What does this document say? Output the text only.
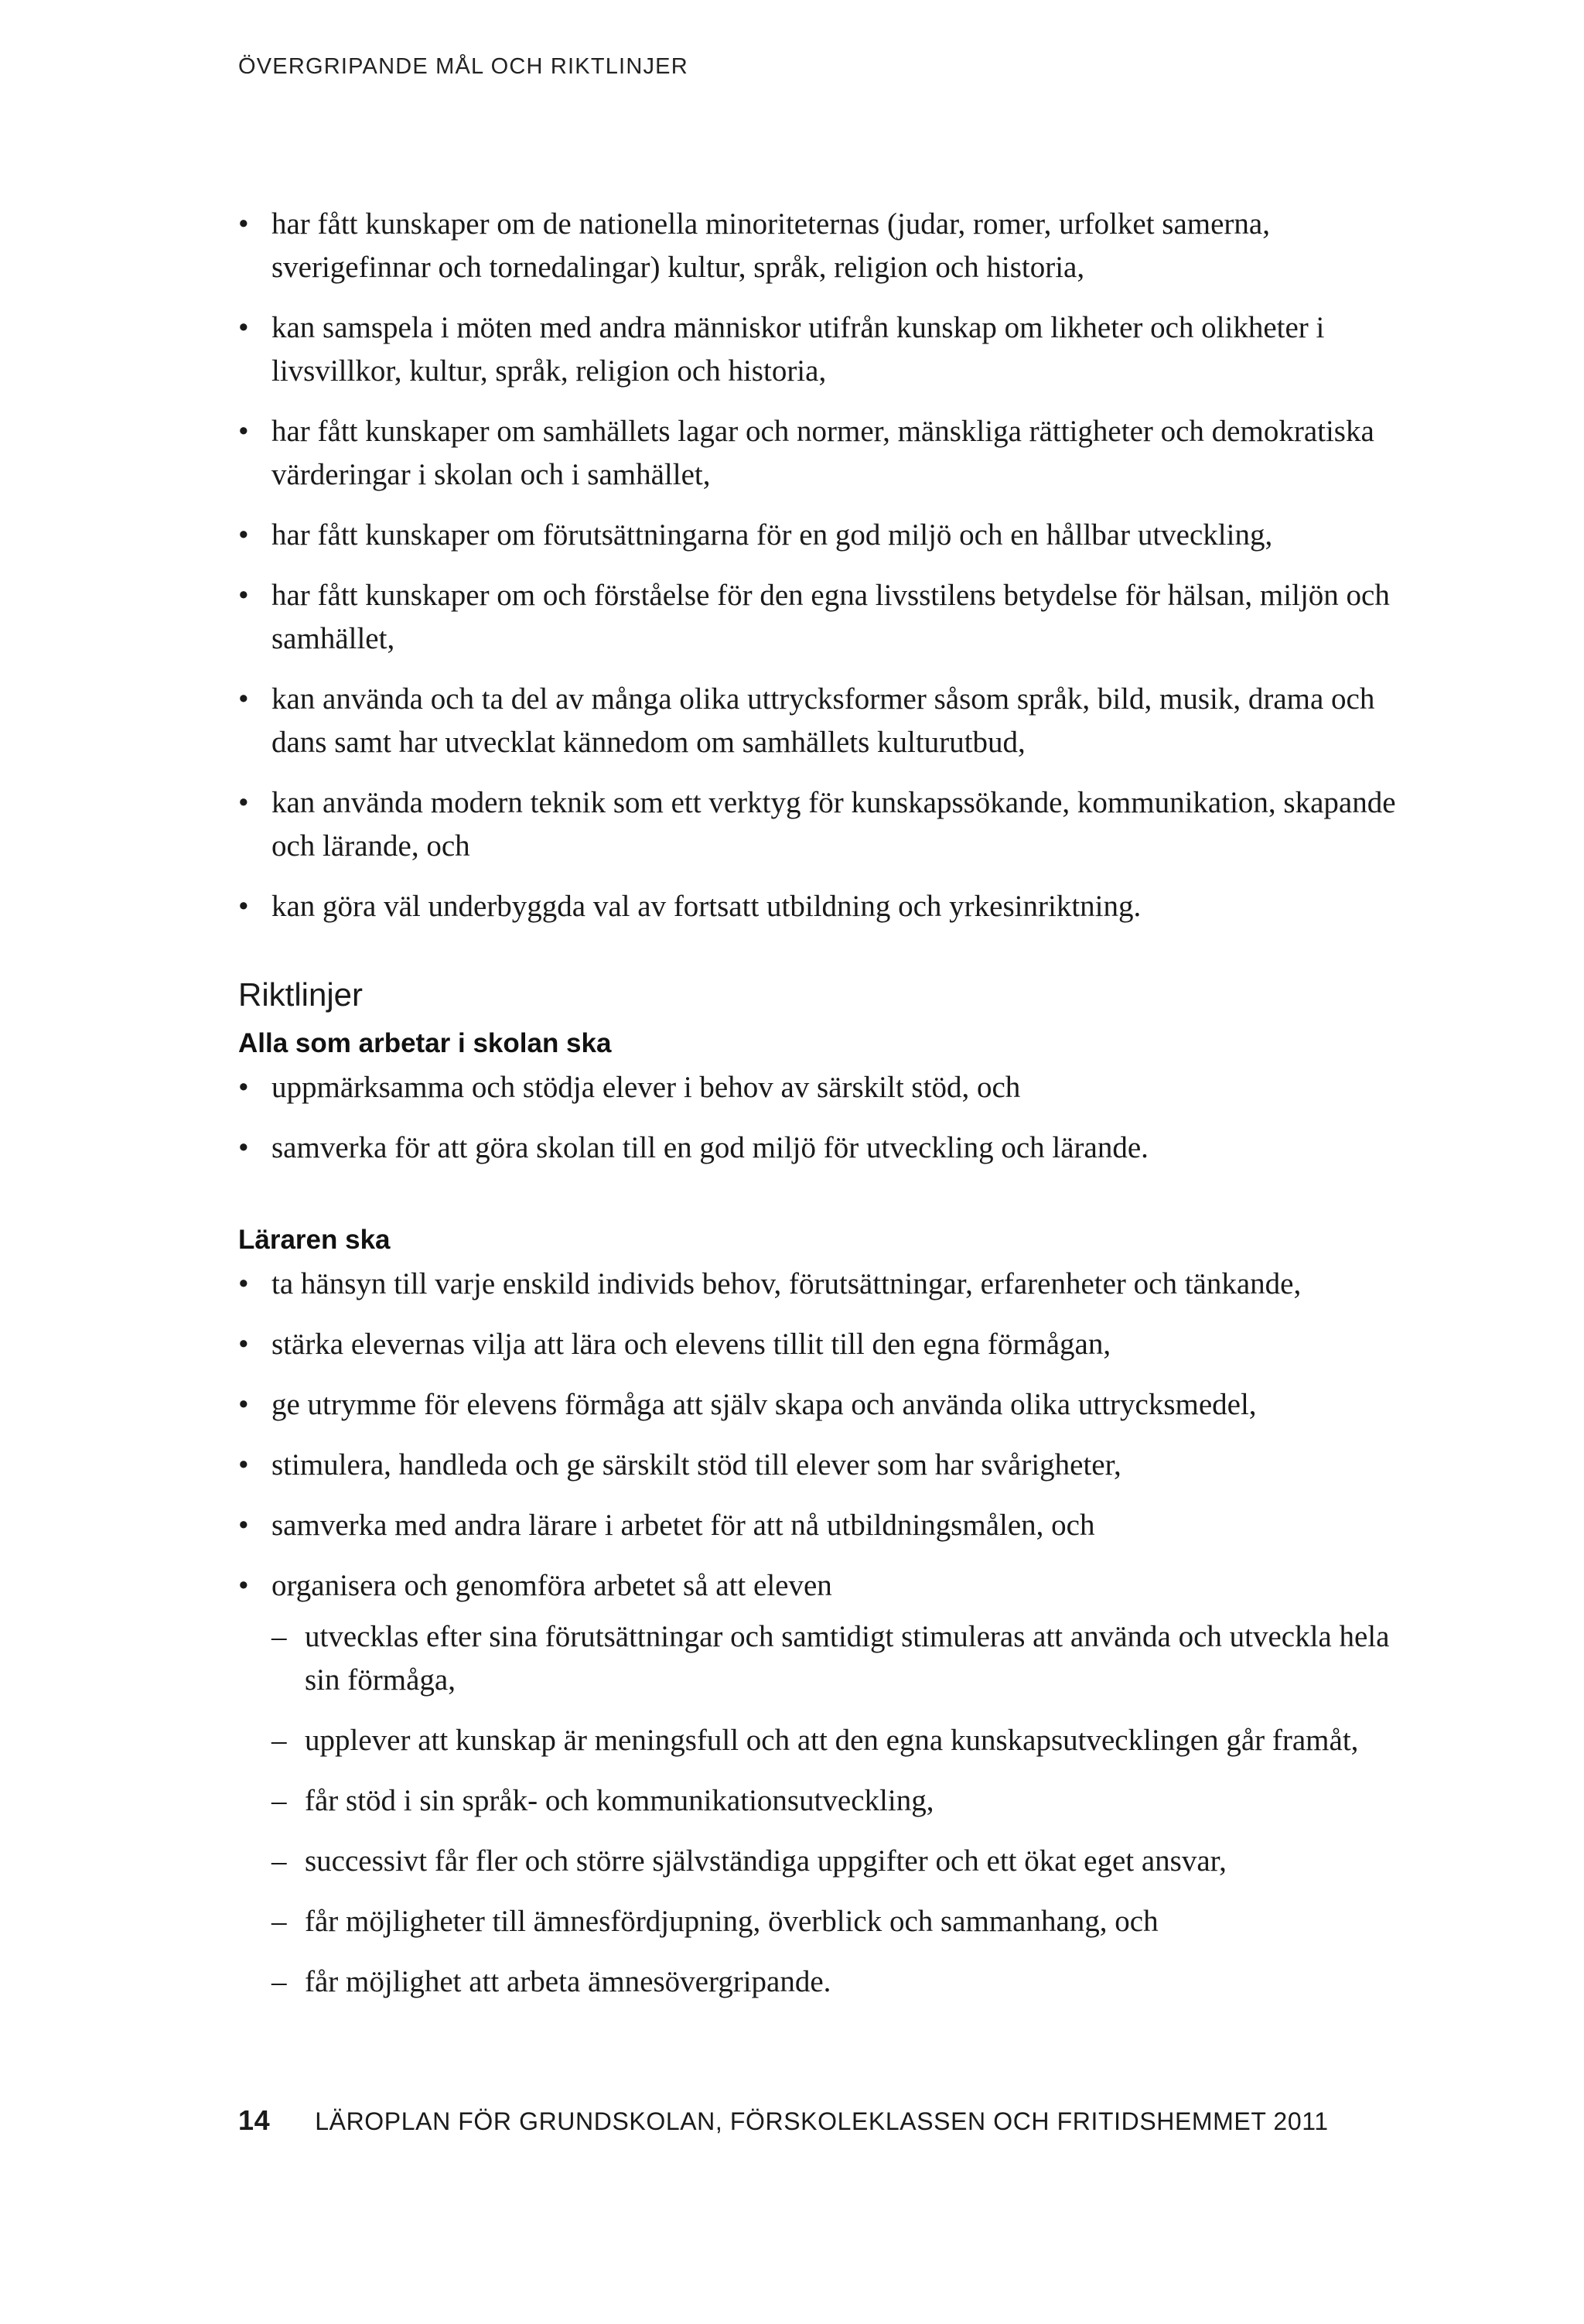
ÖVERGRIPANDE MÅL OCH RIKTLINJER
• har fått kunskaper om de nationella minoriteternas (judar, romer, urfolket samerna, sverigefinnar och tornedalingar) kultur, språk, religion och historia,
• kan samspela i möten med andra människor utifrån kunskap om likheter och olikheter i livsvillkor, kultur, språk, religion och historia,
• har fått kunskaper om samhällets lagar och normer, mänskliga rättigheter och demokratiska värderingar i skolan och i samhället,
• har fått kunskaper om förutsättningarna för en god miljö och en hållbar utveckling,
• har fått kunskaper om och förståelse för den egna livsstilens betydelse för hälsan, miljön och samhället,
• kan använda och ta del av många olika uttrycksformer såsom språk, bild, musik, drama och dans samt har utvecklat kännedom om samhällets kulturutbud,
• kan använda modern teknik som ett verktyg för kunskapssökande, kommunikation, skapande och lärande, och
• kan göra väl underbyggda val av fortsatt utbildning och yrkesinriktning.
Riktlinjer
Alla som arbetar i skolan ska
• uppmärksamma och stödja elever i behov av särskilt stöd, och
• samverka för att göra skolan till en god miljö för utveckling och lärande.
Läraren ska
• ta hänsyn till varje enskild individs behov, förutsättningar, erfarenheter och tänkande,
• stärka elevernas vilja att lära och elevens tillit till den egna förmågan,
• ge utrymme för elevens förmåga att själv skapa och använda olika uttrycksmedel,
• stimulera, handleda och ge särskilt stöd till elever som har svårigheter,
• samverka med andra lärare i arbetet för att nå utbildningsmålen, och
• organisera och genomföra arbetet så att eleven
– utvecklas efter sina förutsättningar och samtidigt stimuleras att använda och utveckla hela sin förmåga,
– upplever att kunskap är meningsfull och att den egna kunskapsutvecklingen går framåt,
– får stöd i sin språk- och kommunikationsutveckling,
– successivt får fler och större självständiga uppgifter och ett ökat eget ansvar,
– får möjligheter till ämnesfördjupning, överblick och sammanhang, och
– får möjlighet att arbeta ämnesövergripande.
14 LÄROPLAN FÖR GRUNDSKOLAN, FÖRSKOLEKLASSEN OCH FRITIDSHEMMET 2011
